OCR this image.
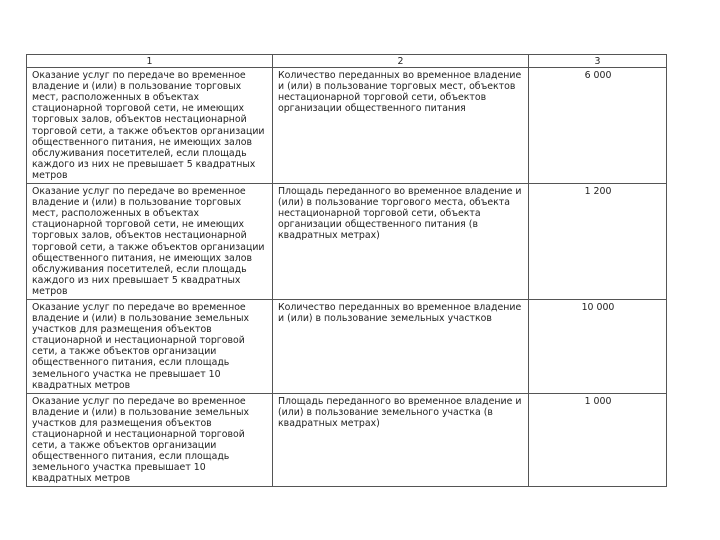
1	2	3
Оказание услуг по передаче во временное владение и (или) в пользование торговых мест, расположенных в объектах стационарной торговой сети, не имеющих торговых залов, объектов нестационарной торговой сети, а также объектов организации общественного питания, не имеющих залов обслуживания посетителей, если площадь каждого из них не превышает 5 квадратных метров	Количество переданных во временное владение и (или) в пользование торговых мест, объектов нестационарной торговой сети, объектов организации общественного питания	6 000
Оказание услуг по передаче во временное владение и (или) в пользование торговых мест, расположенных в объектах стационарной торговой сети, не имеющих торговых залов, объектов нестационарной торговой сети, а также объектов организации общественного питания, не имеющих залов обслуживания посетителей, если площадь каждого из них превышает 5 квадратных метров	Площадь переданного во временное владение и (или) в пользование торгового места, объекта нестационарной торговой сети, объекта организации общественного питания (в квадратных метрах)	1 200
Оказание услуг по передаче во временное владение и (или) в пользование земельных участков для размещения объектов стационарной и нестационарной торговой сети, а также объектов организации общественного питания, если площадь земельного участка не превышает 10 квадратных метров	Количество переданных во временное владение и (или) в пользование земельных участков	10 000
Оказание услуг по передаче во временное владение и (или) в пользование земельных участков для размещения объектов стационарной и нестационарной торговой сети, а также объектов организации общественного питания, если площадь земельного участка превышает 10 квадратных метров	Площадь переданного во временное владение и (или) в пользование земельного участка (в квадратных метрах)	1 000
